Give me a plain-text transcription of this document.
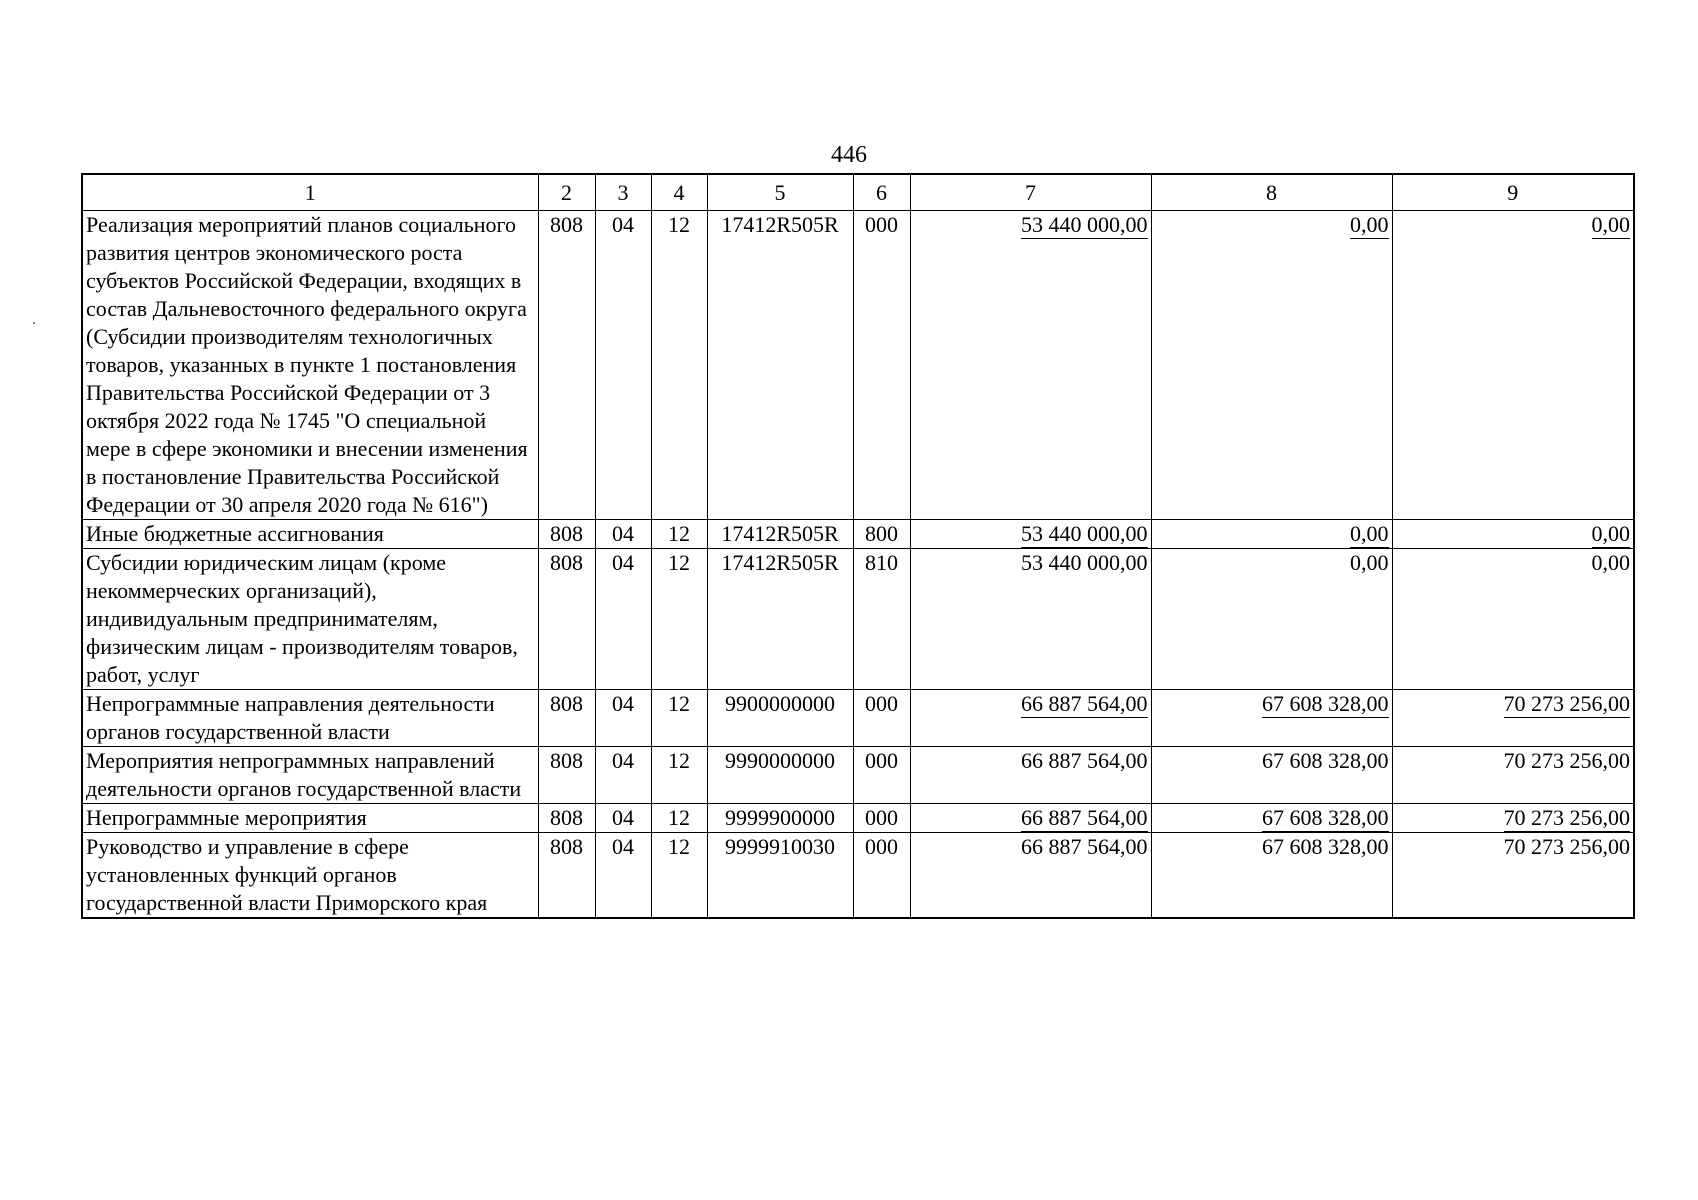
446
1	2	3	4	5	6	7	8	9
Реализация мероприятий планов социального развития центров экономического роста субъектов Российской Федерации, входящих в состав Дальневосточного федерального округа (Субсидии производителям технологичных товаров, указанных в пункте 1 постановления Правительства Российской Федерации от 3 октября 2022 года № 1745 "О специальной мере в сфере экономики и внесении изменения в постановление Правительства Российской Федерации от 30 апреля 2020 года № 616")	808	04	12	17412R505R	000	53 440 000,00	0,00	0,00
Иные бюджетные ассигнования	808	04	12	17412R505R	800	53 440 000,00	0,00	0,00
Субсидии юридическим лицам (кроме некоммерческих организаций), индивидуальным предпринимателям, физическим лицам - производителям товаров, работ, услуг	808	04	12	17412R505R	810	53 440 000,00	0,00	0,00
Непрограммные направления деятельности органов государственной власти	808	04	12	9900000000	000	66 887 564,00	67 608 328,00	70 273 256,00
Мероприятия непрограммных направлений деятельности органов государственной власти	808	04	12	9990000000	000	66 887 564,00	67 608 328,00	70 273 256,00
Непрограммные мероприятия	808	04	12	9999900000	000	66 887 564,00	67 608 328,00	70 273 256,00
Руководство и управление в сфере установленных функций органов государственной власти Приморского края	808	04	12	9999910030	000	66 887 564,00	67 608 328,00	70 273 256,00
